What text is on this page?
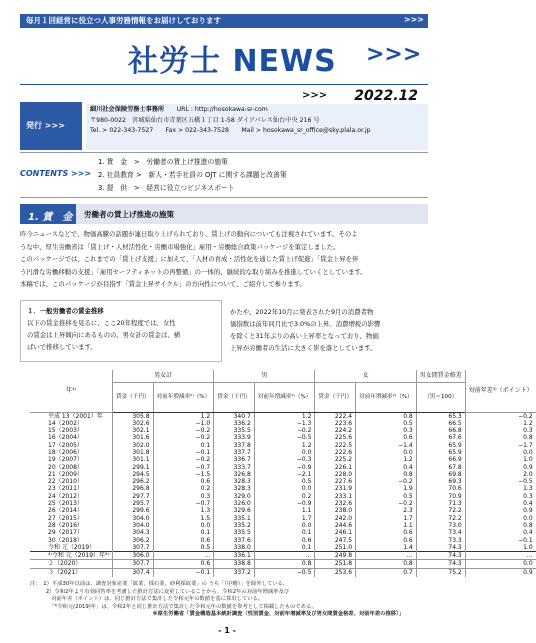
毎月１回経営に役立つ人事労務情報をお届けしております	>>>
社労士 NEWS >>>
>>> 2022.12
発行 >>>
細川社会保険労務士事務所　　 URL : http://hosokawa-sr-com
〒980-0022　宮城県仙台市青葉区五橋１丁目 1-58 ダイアパレス仙台中央 216 号
Tel. > 022-343-7527　　 Fax > 022-343-7528　　 Mail > hosokawa_sr_office@sky.plala.or.jp
CONTENTS >>>
1. 賃　金　>　労働者の賃上げ推進の施策
2. 社員教育 >　新人・若手社員の OJT に関する課題と改善策
3. 提　供　>　経営に役立つビジネスポート
1. 賃　金	労働者の賃上げ推進の施策

昨今ニュースなどで、物価高騰の話題が連日取り上げられており、賃上げの動向についても注視されています。そのよ

うな中、厚生労働省は「賃上げ・人材活性化・労働市場強化」雇用・労働総合政策パッケージを策定しました。

このパッケージでは、これまでの「賃上げ支援」に加えて、「人材の育成・活性化を通じた賃上げ促進」「賃金上昇を伴

う円滑な労働移動の支援」「雇用セーフティネットの再整備」の一体的、継続的な取り組みを推進していくとしています。

本稿では、このパッケージが目指す「賃金上昇サイクル」の方向性について、ご紹介して参ります。

１．一般労働者の賃金推移

以下の賃金推移を見るに、ここ20年程度では、女性

の賃金は上昇傾向にあるものの、男女計の賃金は、横

ばいで推移しています。

かたや、2022年10月に発表された9月の消費者物

価指数は前年同月比で3.0%の上昇。消費増税の影響

を除くと31年ぶりの高い上昇率となっており、物価

上昇が労働者の生活に大きく影を落としています。

年¹⁾	男女計		男		女		男女間賃金格差	対前年差³⁾（ポイント）
	賃金（千円）	対前年増減率²⁾（%）	賃金（千円）	対前年増減率²⁾（%）	賃金（千円）	対前年増減率²⁾（%）	（男＝100）	
平成 13（2001）年	305.8	1.2	340.7	1.2	222.4	0.8	65.3	−0.2
14（2002）	302.6	−1.0	336.2	−1.3	223.6	0.5	66.5	1.2
15（2003）	302.1	−0.2	335.5	−0.2	224.2	0.3	66.8	0.3
16（2004）	301.6	−0.2	333.9	−0.5	225.6	0.6	67.6	0.8
17（2005）	302.0	0.1	337.8	1.2	222.5	−1.4	65.9	−1.7
18（2006）	301.8	−0.1	337.7	0.0	222.6	0.0	65.9	0.0
19（2007）	301.1	−0.2	336.7	−0.3	225.2	1.2	66.9	1.0
20（2008）	299.1	−0.7	333.7	−0.9	226.1	0.4	67.8	0.9
21（2009）	294.5	−1.5	326.8	−2.1	228.0	0.8	69.8	2.0
22（2010）	296.2	0.6	328.3	0.5	227.6	−0.2	69.3	−0.5
23（2011）	296.8	0.2	328.3	0.0	231.9	1.9	70.6	1.3
24（2012）	297.7	0.3	329.0	0.2	233.1	0.5	70.9	0.3
25（2013）	295.7	−0.7	326.0	−0.9	232.6	−0.2	71.3	0.4
26（2014）	299.6	1.3	329.6	1.1	238.0	2.3	72.2	0.9
27（2015）	304.0	1.5	335.1	1.7	242.0	1.7	72.2	0.0
28（2016）	304.0	0.0	335.2	0.0	244.6	1.1	73.0	0.8
29（2017）	304.3	0.1	335.5	0.1	246.1	0.6	73.4	0.4
30（2018）	306.2	0.6	337.6	0.6	247.5	0.6	73.3	−0.1
令和 元（2019）	307.7	0.5	338.0	0.1	251.0	1.4	74.3	1.0
⁴⁾令和 元（2019）年⁴⁾	306.0	…	336.1	…	249.8	…	74.3	…
２（2020）	307.7	0.6	338.8	0.8	251.8	0.8	74.3	0.0
３（2021）	307.4	−0.1	337.2	−0.5	253.6	0.7	75.2	0.9

注：　1）平成30年以前は、調査対象産業「鉱業，採石業，砂利採取業」の うち「（中略）」を除外している。

　　　2）令和2年より有効回答率を考慮した推計方法に変更していることから、令和2年の対前年増減率及び

　　　　対前年差（ポイント）は、同じ推計方法で集計した令和元年の数値を基に算出している。

　　　　「⁴⁾令和元(2019)年」は、令和2年と同じ推計方法で集計した令和元年の数値を参考として掲載したものである。

※厚生労働省「賃金構造基本統計調査（性別賃金、対前年増減率及び男女間賃金格差、対前年差の推移）」

- 1 -
